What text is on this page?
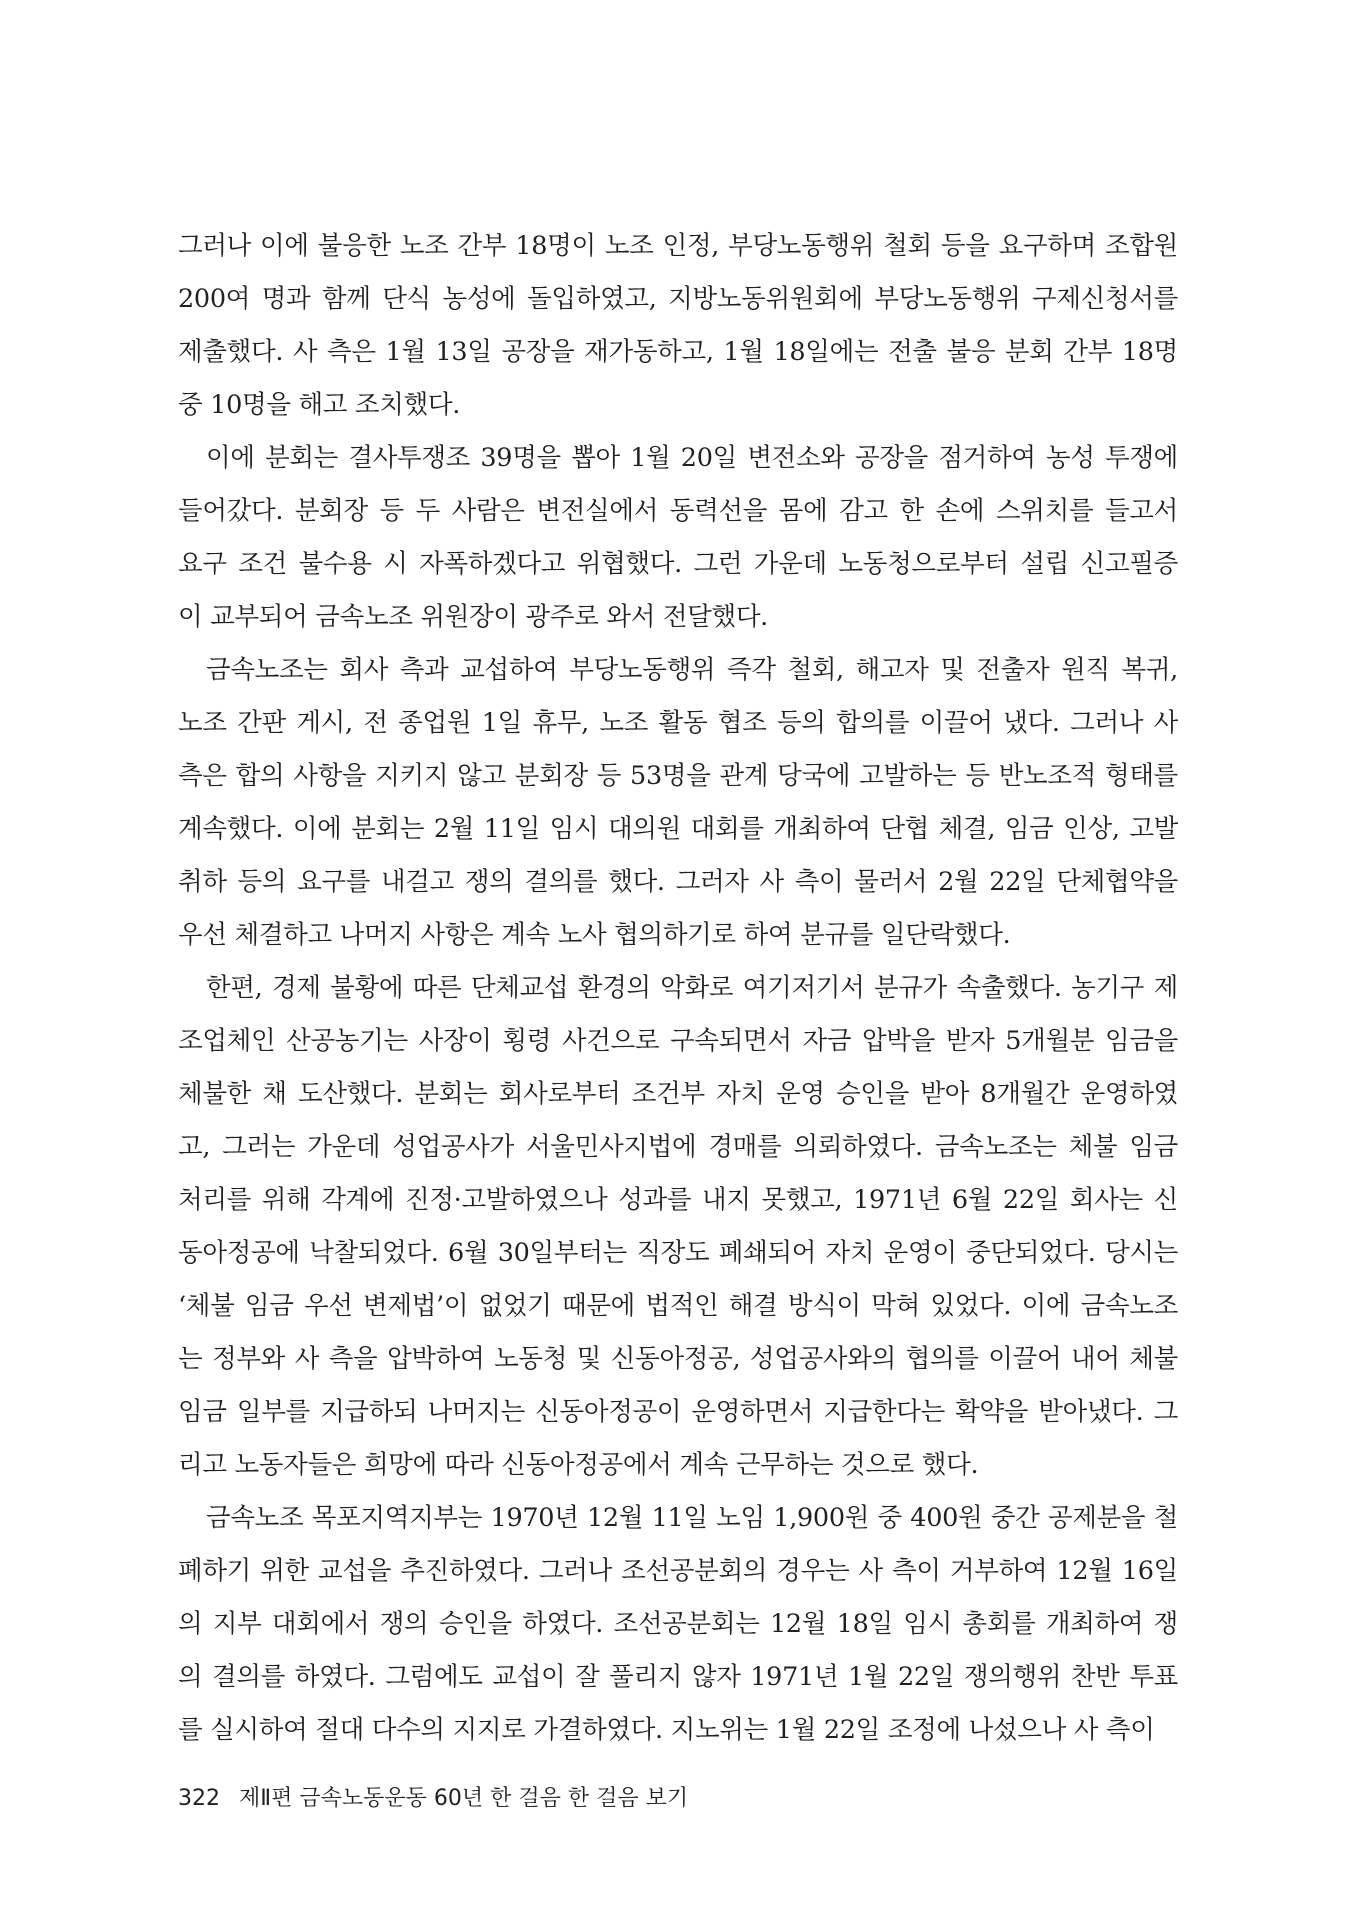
그러나 이에 불응한 노조 간부 18명이 노조 인정, 부당노동행위 철회 등을 요구하며 조합원
200여 명과 함께 단식 농성에 돌입하였고, 지방노동위원회에 부당노동행위 구제신청서를
제출했다. 사 측은 1월 13일 공장을 재가동하고, 1월 18일에는 전출 불응 분회 간부 18명
중 10명을 해고 조치했다.
이에 분회는 결사투쟁조 39명을 뽑아 1월 20일 변전소와 공장을 점거하여 농성 투쟁에
들어갔다. 분회장 등 두 사람은 변전실에서 동력선을 몸에 감고 한 손에 스위치를 들고서
요구 조건 불수용 시 자폭하겠다고 위협했다. 그런 가운데 노동청으로부터 설립 신고필증
이 교부되어 금속노조 위원장이 광주로 와서 전달했다.
금속노조는 회사 측과 교섭하여 부당노동행위 즉각 철회, 해고자 및 전출자 원직 복귀,
노조 간판 게시, 전 종업원 1일 휴무, 노조 활동 협조 등의 합의를 이끌어 냈다. 그러나 사
측은 합의 사항을 지키지 않고 분회장 등 53명을 관계 당국에 고발하는 등 반노조적 형태를
계속했다. 이에 분회는 2월 11일 임시 대의원 대회를 개최하여 단협 체결, 임금 인상, 고발
취하 등의 요구를 내걸고 쟁의 결의를 했다. 그러자 사 측이 물러서 2월 22일 단체협약을
우선 체결하고 나머지 사항은 계속 노사 협의하기로 하여 분규를 일단락했다.
한편, 경제 불황에 따른 단체교섭 환경의 악화로 여기저기서 분규가 속출했다. 농기구 제
조업체인 산공농기는 사장이 횡령 사건으로 구속되면서 자금 압박을 받자 5개월분 임금을
체불한 채 도산했다. 분회는 회사로부터 조건부 자치 운영 승인을 받아 8개월간 운영하였
고, 그러는 가운데 성업공사가 서울민사지법에 경매를 의뢰하였다. 금속노조는 체불 임금
처리를 위해 각계에 진정·고발하였으나 성과를 내지 못했고, 1971년 6월 22일 회사는 신
동아정공에 낙찰되었다. 6월 30일부터는 직장도 폐쇄되어 자치 운영이 중단되었다. 당시는
‘체불 임금 우선 변제법’이 없었기 때문에 법적인 해결 방식이 막혀 있었다. 이에 금속노조
는 정부와 사 측을 압박하여 노동청 및 신동아정공, 성업공사와의 협의를 이끌어 내어 체불
임금 일부를 지급하되 나머지는 신동아정공이 운영하면서 지급한다는 확약을 받아냈다. 그
리고 노동자들은 희망에 따라 신동아정공에서 계속 근무하는 것으로 했다.
금속노조 목포지역지부는 1970년 12월 11일 노임 1,900원 중 400원 중간 공제분을 철
폐하기 위한 교섭을 추진하였다. 그러나 조선공분회의 경우는 사 측이 거부하여 12월 16일
의 지부 대회에서 쟁의 승인을 하였다. 조선공분회는 12월 18일 임시 총회를 개최하여 쟁
의 결의를 하였다. 그럼에도 교섭이 잘 풀리지 않자 1971년 1월 22일 쟁의행위 찬반 투표
를 실시하여 절대 다수의 지지로 가결하였다. 지노위는 1월 22일 조정에 나섰으나 사 측이
322 제Ⅱ편 금속노동운동 60년 한 걸음 한 걸음 보기
